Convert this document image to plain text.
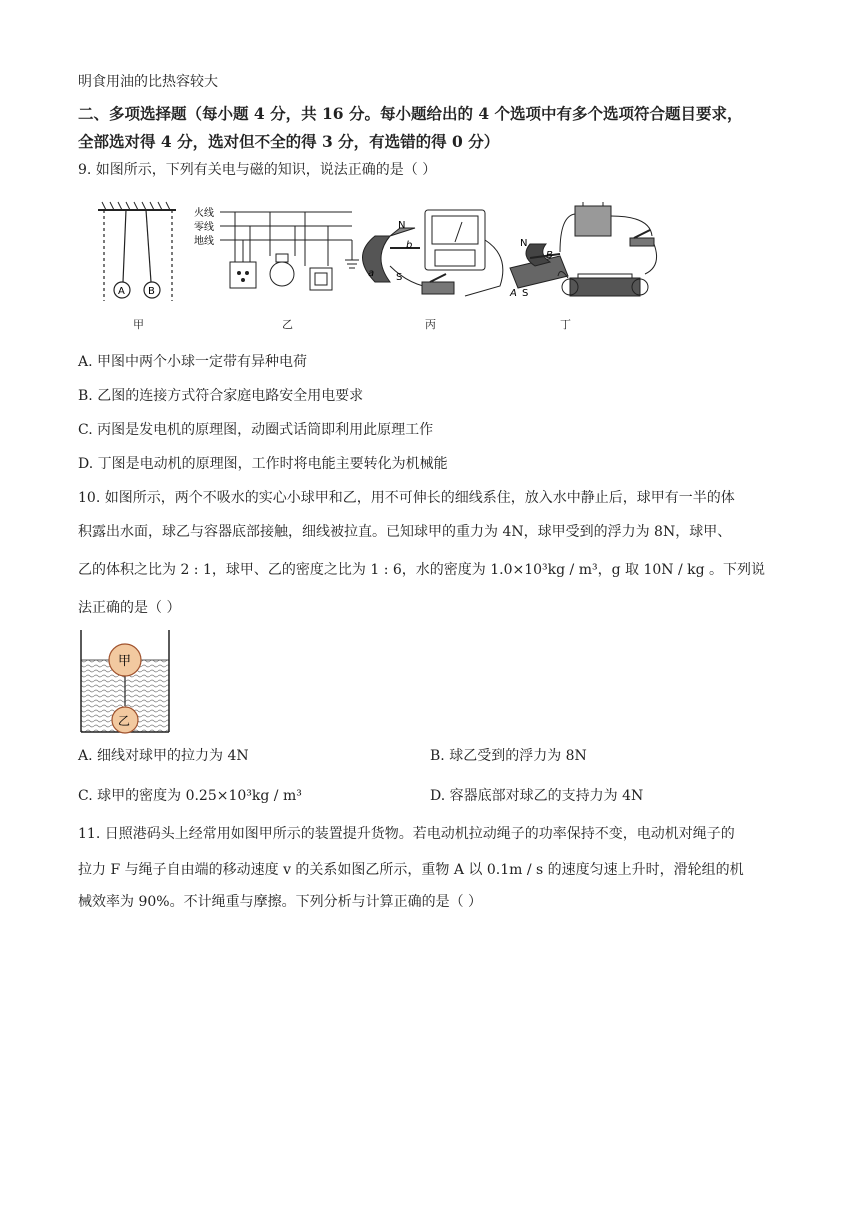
明食用油的比热容较大
二、多项选择题（每小题 4 分，共 16 分。每小题给出的 4 个选项中有多个选项符合题目要求，
全部选对得 4 分，选对但不全的得 3 分，有选错的得 0 分）
9. 如图所示，下列有关电与磁的知识，说法正确的是（ ）
A B
火线
零线
地线
N
S
a
b	N
B
A S
甲	乙	丙	丁
A. 甲图中两个小球一定带有异种电荷
B. 乙图的连接方式符合家庭电路安全用电要求
C. 丙图是发电机的原理图，动圈式话筒即利用此原理工作
D. 丁图是电动机的原理图，工作时将电能主要转化为机械能
10. 如图所示，两个不吸水的实心小球甲和乙，用不可伸长的细线系住，放入水中静止后，球甲有一半的体
积露出水面，球乙与容器底部接触，细线被拉直。已知球甲的重力为 4N，球甲受到的浮力为 8N，球甲、
乙的体积之比为 2 : 1，球甲、乙的密度之比为 1 : 6，水的密度为 1.0×10³kg / m³，g 取 10N / kg 。下列说
法正确的是（ ）
甲
乙
A. 细线对球甲的拉力为 4N	B. 球乙受到的浮力为 8N
C. 球甲的密度为 0.25×10³kg / m³	D. 容器底部对球乙的支持力为 4N
11. 日照港码头上经常用如图甲所示的装置提升货物。若电动机拉动绳子的功率保持不变，电动机对绳子的
拉力 F 与绳子自由端的移动速度 v 的关系如图乙所示，重物 A 以 0.1m / s 的速度匀速上升时，滑轮组的机
械效率为 90%。不计绳重与摩擦。下列分析与计算正确的是（ ）
